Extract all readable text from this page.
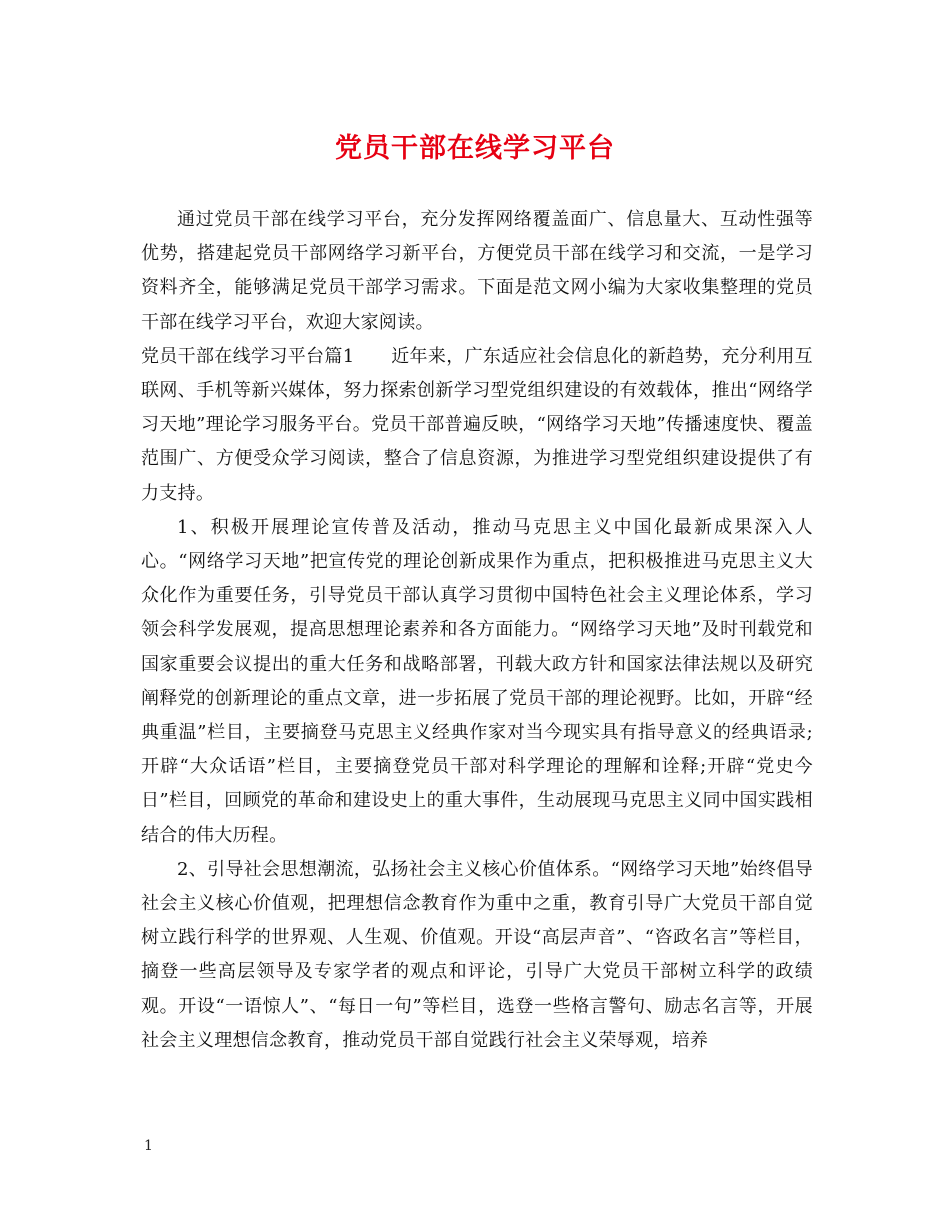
党员干部在线学习平台

通过党员干部在线学习平台，充分发挥网络覆盖面广、信息量大、互动性强等优势，搭建起党员干部网络学习新平台，方便党员干部在线学习和交流，一是学习资料齐全，能够满足党员干部学习需求。下面是范文网小编为大家收集整理的党员干部在线学习平台，欢迎大家阅读。

党员干部在线学习平台篇1　　近年来，广东适应社会信息化的新趋势，充分利用互联网、手机等新兴媒体，努力探索创新学习型党组织建设的有效载体，推出“网络学习天地”理论学习服务平台。党员干部普遍反映，“网络学习天地”传播速度快、覆盖范围广、方便受众学习阅读，整合了信息资源，为推进学习型党组织建设提供了有力支持。

1、积极开展理论宣传普及活动，推动马克思主义中国化最新成果深入人心。“网络学习天地”把宣传党的理论创新成果作为重点，把积极推进马克思主义大众化作为重要任务，引导党员干部认真学习贯彻中国特色社会主义理论体系，学习领会科学发展观，提高思想理论素养和各方面能力。“网络学习天地”及时刊载党和国家重要会议提出的重大任务和战略部署，刊载大政方针和国家法律法规以及研究阐释党的创新理论的重点文章，进一步拓展了党员干部的理论视野。比如，开辟“经典重温”栏目，主要摘登马克思主义经典作家对当今现实具有指导意义的经典语录;开辟“大众话语”栏目，主要摘登党员干部对科学理论的理解和诠释;开辟“党史今日”栏目，回顾党的革命和建设史上的重大事件，生动展现马克思主义同中国实践相结合的伟大历程。

2、引导社会思想潮流，弘扬社会主义核心价值体系。“网络学习天地”始终倡导社会主义核心价值观，把理想信念教育作为重中之重，教育引导广大党员干部自觉树立践行科学的世界观、人生观、价值观。开设“高层声音”、“咨政名言”等栏目，摘登一些高层领导及专家学者的观点和评论，引导广大党员干部树立科学的政绩观。开设“一语惊人”、“每日一句”等栏目，选登一些格言警句、励志名言等，开展社会主义理想信念教育，推动党员干部自觉践行社会主义荣辱观，培养

1
